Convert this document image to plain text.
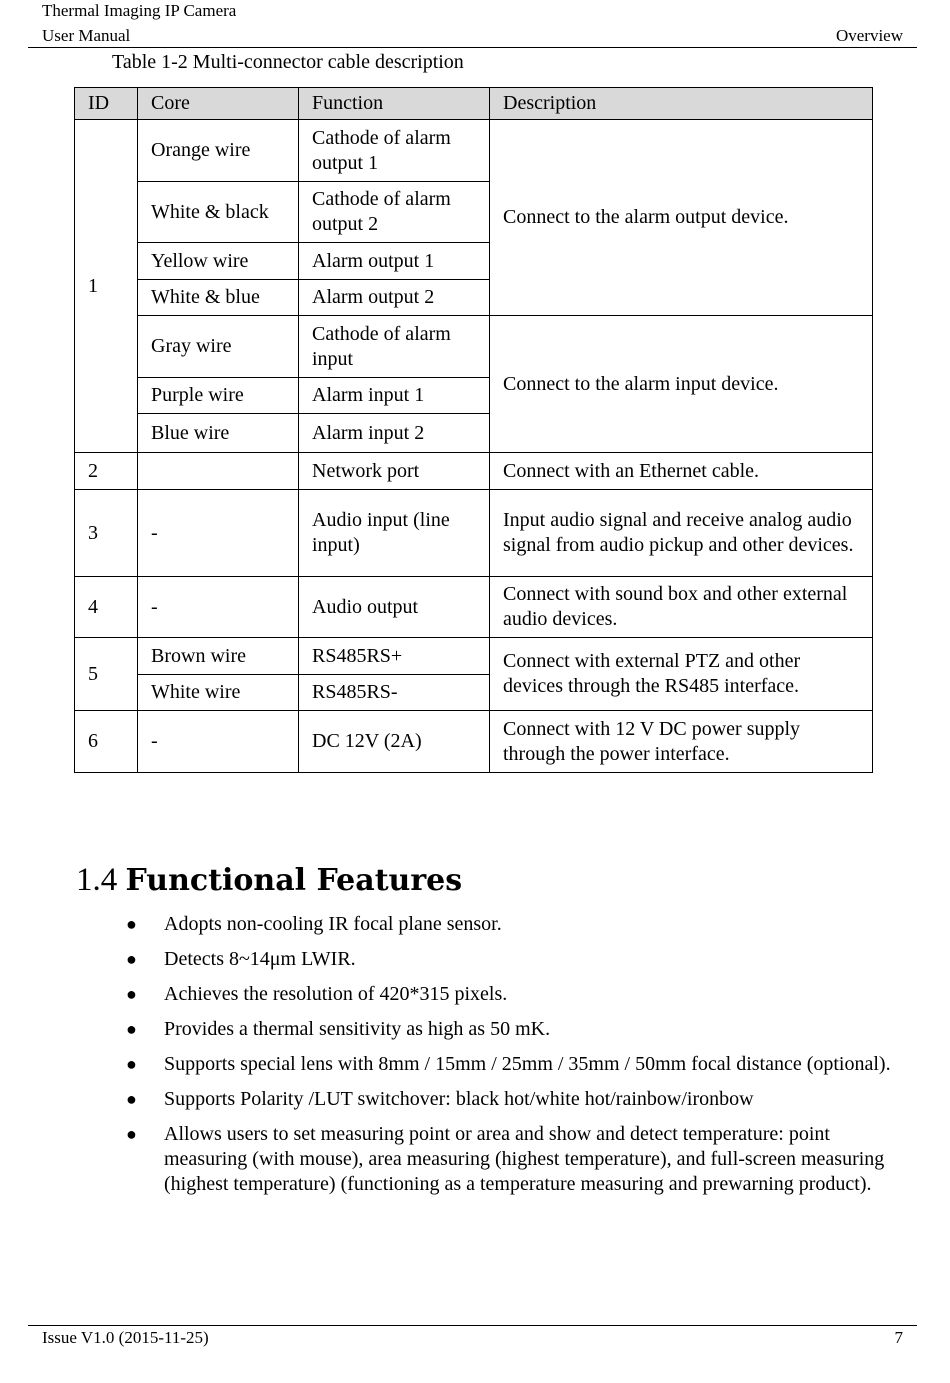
Thermal Imaging IP Camera
User Manual	Overview
Table 1-2 Multi-connector cable description
ID	Core	Function	Description
1	Orange wire	Cathode of alarm output 1	Connect to the alarm output device.
	White & black	Cathode of alarm output 2	
	Yellow wire	Alarm output 1	
	White & blue	Alarm output 2	
	Gray wire	Cathode of alarm input	Connect to the alarm input device.
	Purple wire	Alarm input 1	
	Blue wire	Alarm input 2	
2		Network port	Connect with an Ethernet cable.
3	-	Audio input (line input)	Input audio signal and receive analog audio signal from audio pickup and other devices.
4	-	Audio output	Connect with sound box and other external audio devices.
5	Brown wire	RS485RS+	Connect with external PTZ and other devices through the RS485 interface.
	White wire	RS485RS-	
6	-	DC 12V (2A)	Connect with 12 V DC power supply through the power interface.
1.4 Functional Features
● Adopts non-cooling IR focal plane sensor.
● Detects 8~14μm LWIR.
● Achieves the resolution of 420*315 pixels.
● Provides a thermal sensitivity as high as 50 mK.
● Supports special lens with 8mm / 15mm / 25mm / 35mm / 50mm focal distance (optional).
● Supports Polarity /LUT switchover: black hot/white hot/rainbow/ironbow
● Allows users to set measuring point or area and show and detect temperature: point measuring (with mouse), area measuring (highest temperature), and full-screen measuring (highest temperature) (functioning as a temperature measuring and prewarning product).
Issue V1.0 (2015-11-25)	7
